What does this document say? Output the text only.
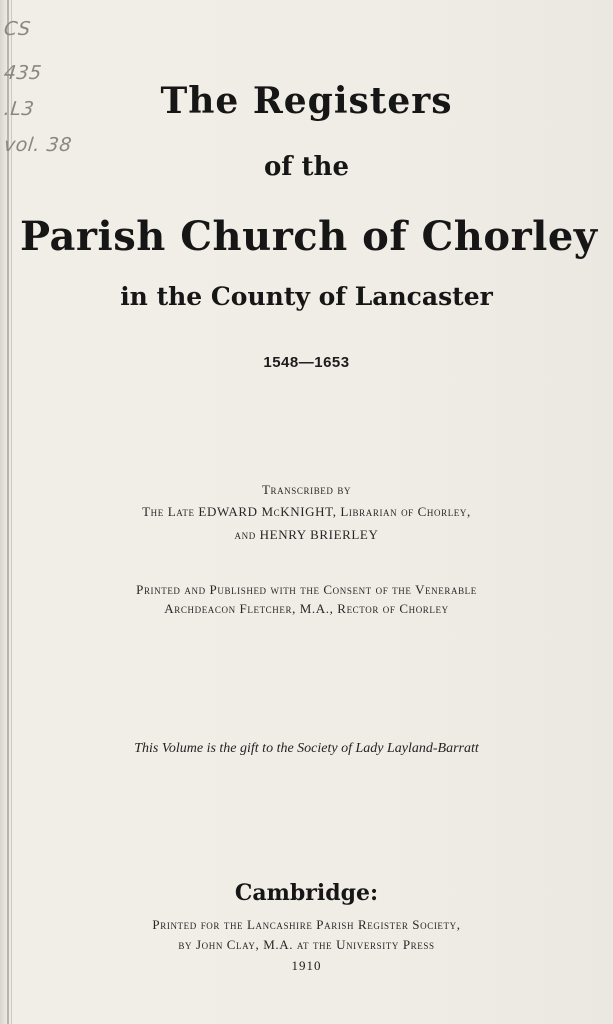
CS
435
.L3
vol. 38
The Registers
of the
Parish Church of Chorley
in the County of Lancaster
1548—1653
Transcribed by
The Late EDWARD McKNIGHT, Librarian of Chorley,
and HENRY BRIERLEY
Printed and Published with the Consent of the Venerable
Archdeacon Fletcher, M.A., Rector of Chorley
This Volume is the gift to the Society of Lady Layland-Barratt
Cambridge:
Printed for the Lancashire Parish Register Society,
by John Clay, M.A. at the University Press
1910
